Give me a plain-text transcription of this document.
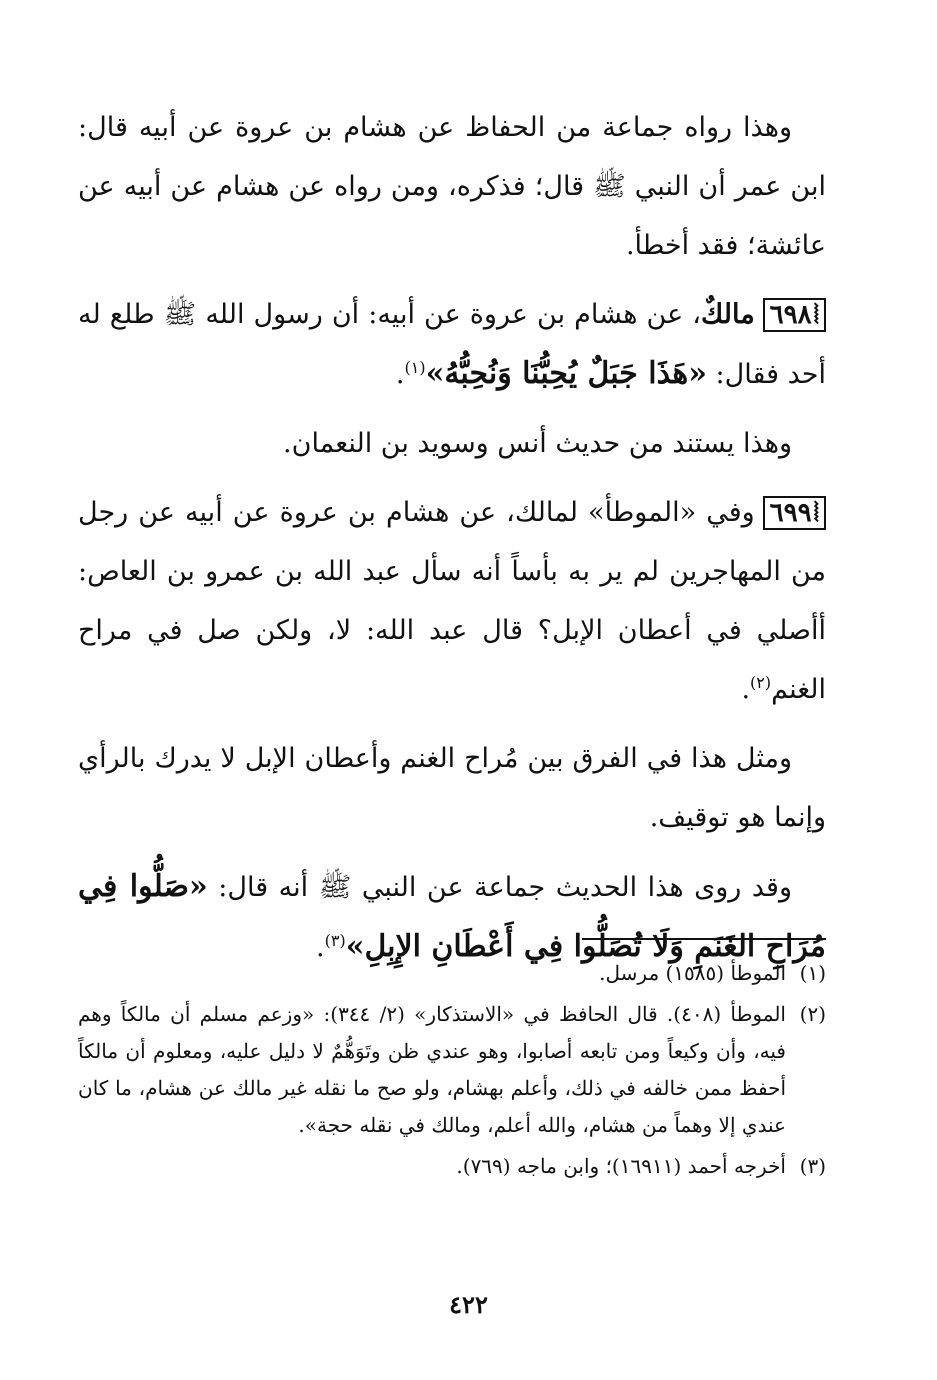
وهذا رواه جماعة من الحفاظ عن هشام بن عروة عن أبيه قال: ابن عمر أن النبي ﷺ قال؛ فذكره، ومن رواه عن هشام عن أبيه عن عائشة؛ فقد أخطأ.

⦚ ٦٩٨مالكٌ، عن هشام بن عروة عن أبيه: أن رسول الله ﷺ طلع له أحد فقال: «هَذَا جَبَلٌ يُحِبُّنَا وَنُحِبُّهُ»$^{(١)}$.

وهذا يستند من حديث أنس وسويد بن النعمان.

⦚ ٦٩٩وفي «الموطأ» لمالك، عن هشام بن عروة عن أبيه عن رجل من المهاجرين لم ير به بأساً أنه سأل عبد الله بن عمرو بن العاص: أأصلي في أعطان الإبل؟ قال عبد الله: لا، ولكن صل في مراح الغنم$^{(٢)}$.

ومثل هذا في الفرق بين مُراح الغنم وأعطان الإبل لا يدرك بالرأي وإنما هو توقيف.

وقد روى هذا الحديث جماعة عن النبي ﷺ أنه قال: «صَلُّوا فِي مُرَاحِ الغَنَمِ وَلَا تُصَلُّوا فِي أَعْطَانِ الإِبِلِ»$^{(٣)}$.

(١)
الموطأ (١٥٨٥) مرسل.
(٢)
الموطأ (٤٠٨). قال الحافظ في «الاستذكار» (٢/ ٣٤٤): «وزعم مسلم أن مالكاً وهم فيه، وأن وكيعاً ومن تابعه أصابوا، وهو عندي ظن وتَوَهُّمٌ لا دليل عليه، ومعلوم أن مالكاً أحفظ ممن خالفه في ذلك، وأعلم بهشام، ولو صح ما نقله غير مالك عن هشام، ما كان عندي إلا وهماً من هشام، والله أعلم، ومالك في نقله حجة».
(٣)
أخرجه أحمد (١٦٩١١)؛ وابن ماجه (٧٦٩).
٤٢٢
